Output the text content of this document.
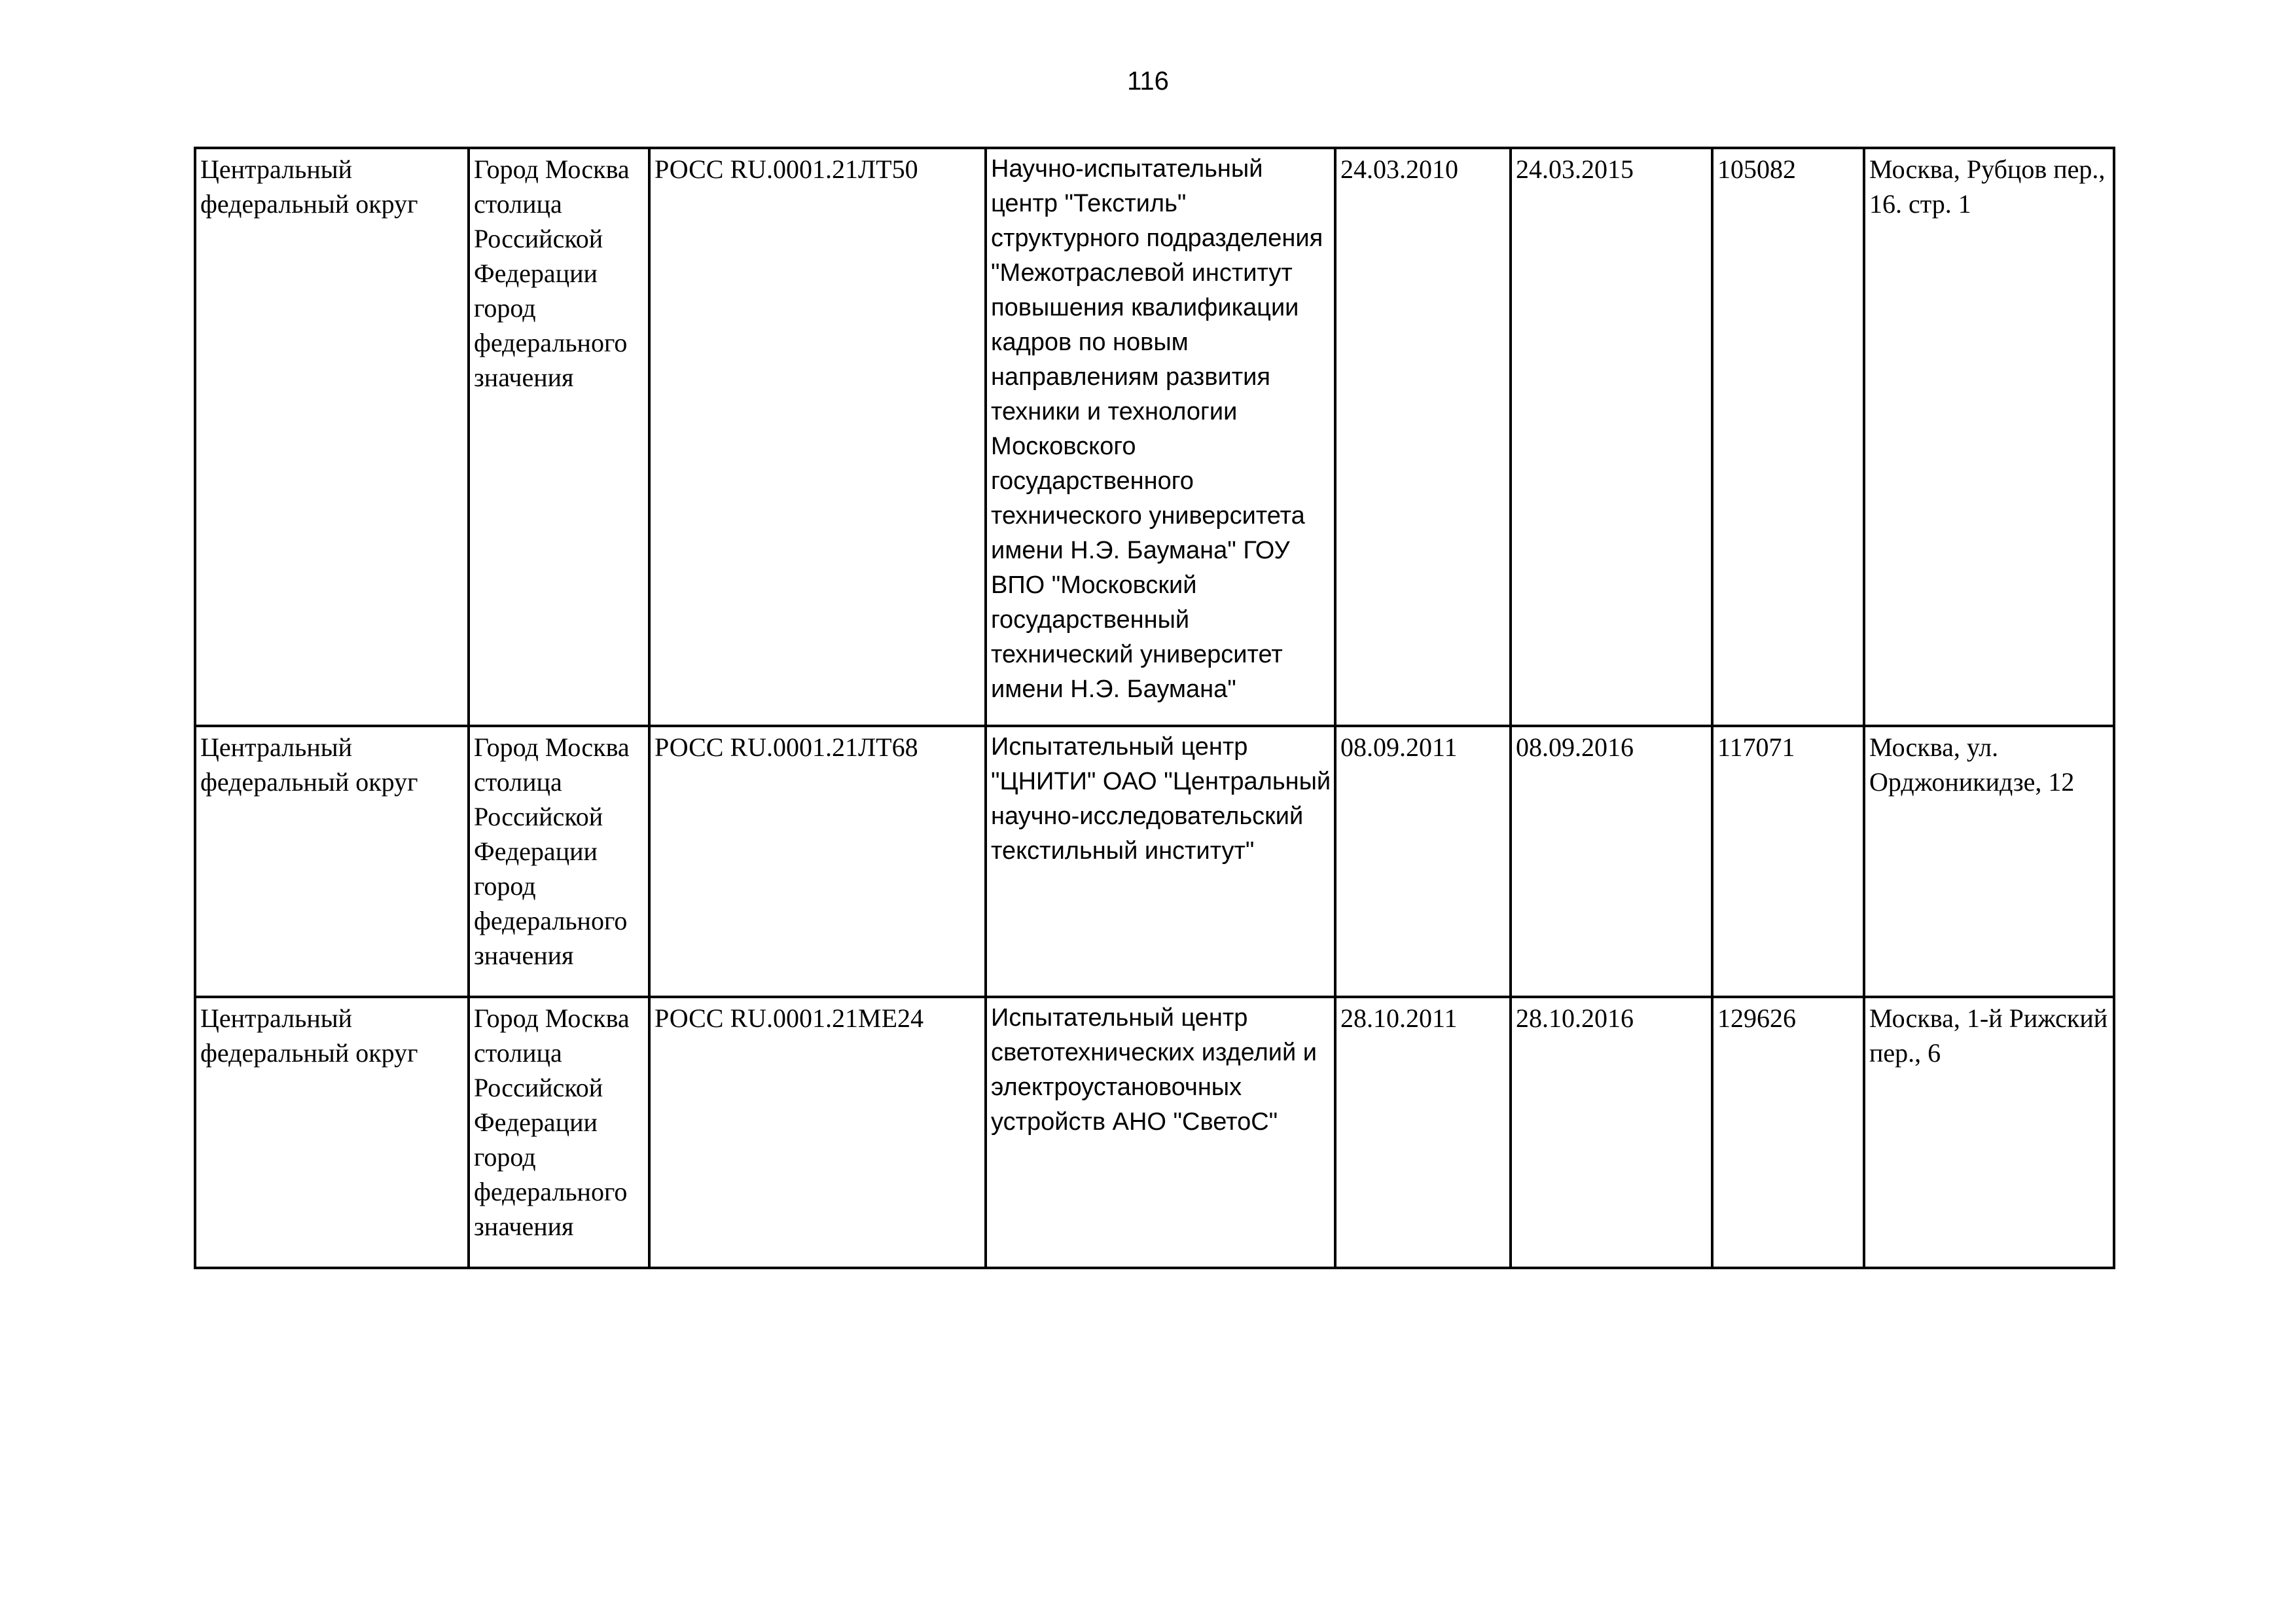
116
Центральный федеральный округ	Город Москва столица Российской Федерации город федерального значения	РОСС RU.0001.21ЛТ50	Научно-испытательный центр "Текстиль" структурного подразделения "Межотраслевой институт повышения квалификации кадров по новым направлениям развития техники и технологии Московского государственного технического университета имени Н.Э. Баумана" ГОУ ВПО "Московский государственный технический университет имени Н.Э. Баумана"	24.03.2010	24.03.2015	105082	Москва, Рубцов пер., 16. стр. 1

Центральный федеральный округ	Город Москва столица Российской Федерации город федерального значения	РОСС RU.0001.21ЛТ68	Испытательный центр "ЦНИТИ" ОАО "Центральный научно-исследовательский текстильный институт"	08.09.2011	08.09.2016	117071	Москва, ул. Орджоникидзе, 12

Центральный федеральный округ	Город Москва столица Российской Федерации город федерального значения	РОСС RU.0001.21МЕ24	Испытательный центр светотехнических изделий и электроустановочных устройств АНО "СветоС"	28.10.2011	28.10.2016	129626	Москва, 1-й Рижский пер., 6
